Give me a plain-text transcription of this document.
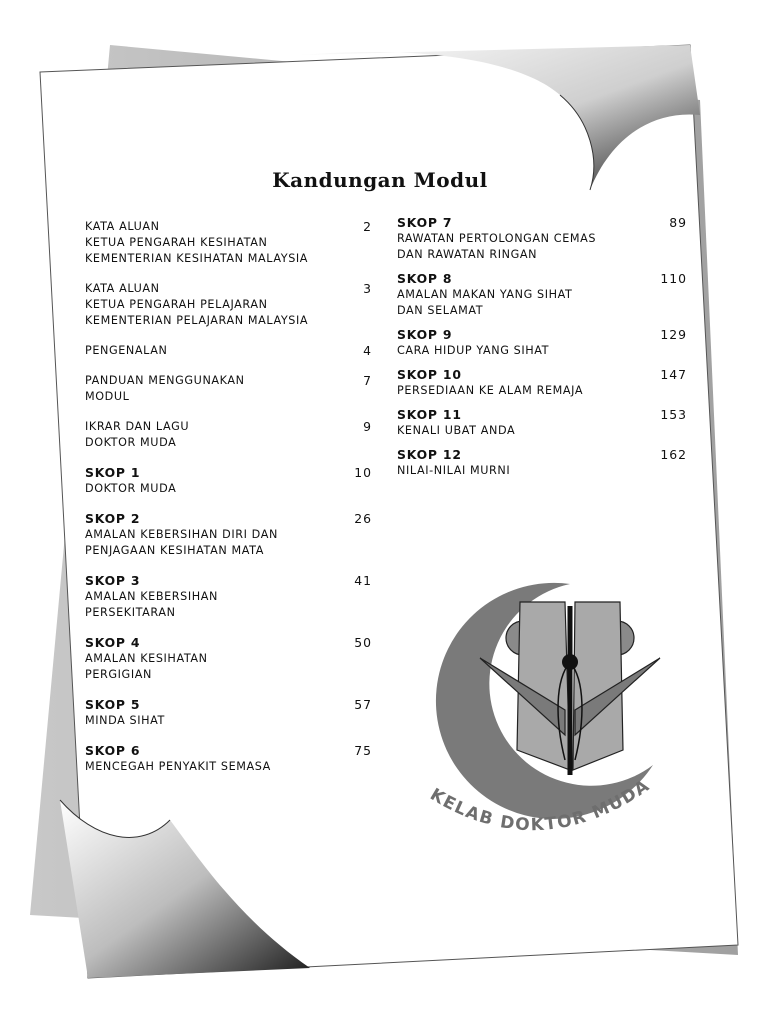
Kandungan Modul
KATA ALUAN
KETUA PENGARAH KESIHATAN
KEMENTERIAN KESIHATAN MALAYSIA
2
KATA ALUAN
KETUA PENGARAH PELAJARAN
KEMENTERIAN PELAJARAN MALAYSIA
3
PENGENALAN	4
PANDUAN MENGGUNAKAN
MODUL
7
IKRAR DAN LAGU
DOKTOR MUDA
9
SKOP 1
DOKTOR MUDA
10
SKOP 2
AMALAN KEBERSIHAN DIRI DAN
PENJAGAAN KESIHATAN MATA
26
SKOP 3
AMALAN KEBERSIHAN
PERSEKITARAN
41
SKOP 4
AMALAN KESIHATAN
PERGIGIAN
50
SKOP 5
MINDA SIHAT
57
SKOP 6
MENCEGAH PENYAKIT SEMASA
75
SKOP 7
RAWATAN PERTOLONGAN CEMAS
DAN RAWATAN RINGAN
89
SKOP 8
AMALAN MAKAN YANG SIHAT
DAN SELAMAT
110
SKOP 9
CARA HIDUP YANG SIHAT
129
SKOP 10
PERSEDIAAN KE ALAM REMAJA
147
SKOP 11
KENALI UBAT ANDA
153
SKOP 12
NILAI-NILAI MURNI
162
KELAB DOKTOR MUDA
